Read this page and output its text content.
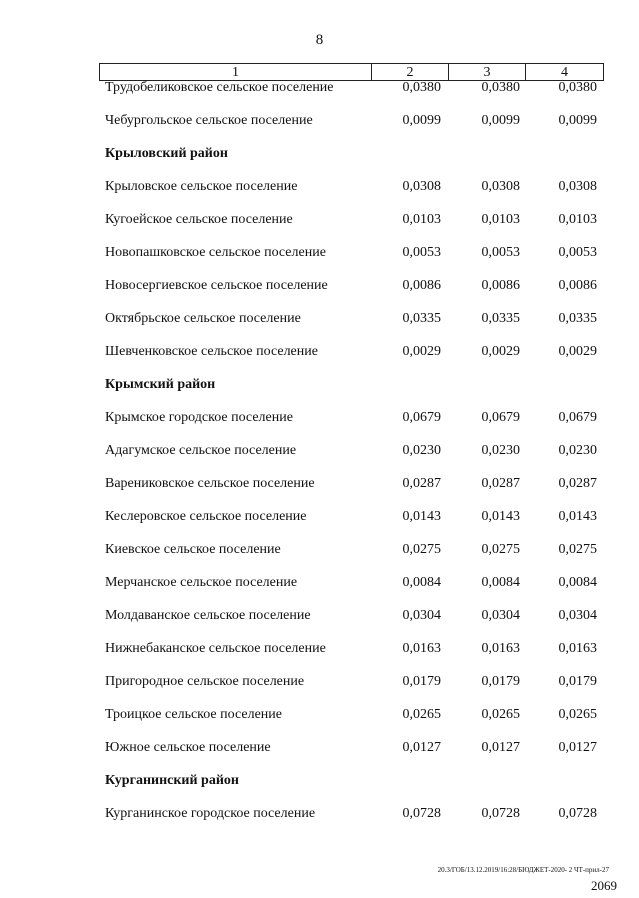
8
1	2	3	4
Трудобеликовское сельское поселение	0,0380	0,0380	0,0380
Чебургольское сельское поселение	0,0099	0,0099	0,0099
Крыловский район
Крыловское сельское поселение	0,0308	0,0308	0,0308
Кугоейское сельское поселение	0,0103	0,0103	0,0103
Новопашковское сельское поселение	0,0053	0,0053	0,0053
Новосергиевское сельское поселение	0,0086	0,0086	0,0086
Октябрьское сельское поселение	0,0335	0,0335	0,0335
Шевченковское сельское поселение	0,0029	0,0029	0,0029
Крымский район
Крымское городское поселение	0,0679	0,0679	0,0679
Адагумское сельское поселение	0,0230	0,0230	0,0230
Варениковское сельское поселение	0,0287	0,0287	0,0287
Кеслеровское сельское поселение	0,0143	0,0143	0,0143
Киевское сельское поселение	0,0275	0,0275	0,0275
Мерчанское сельское поселение	0,0084	0,0084	0,0084
Молдаванское сельское поселение	0,0304	0,0304	0,0304
Нижнебаканское сельское поселение	0,0163	0,0163	0,0163
Пригородное сельское поселение	0,0179	0,0179	0,0179
Троицкое сельское поселение	0,0265	0,0265	0,0265
Южное сельское поселение	0,0127	0,0127	0,0127
Курганинский район
Курганинское городское поселение	0,0728	0,0728	0,0728
20.3/ГОБ/13.12.2019/16:28/БЮДЖЕТ-2020- 2 ЧТ-прил-27
2069
